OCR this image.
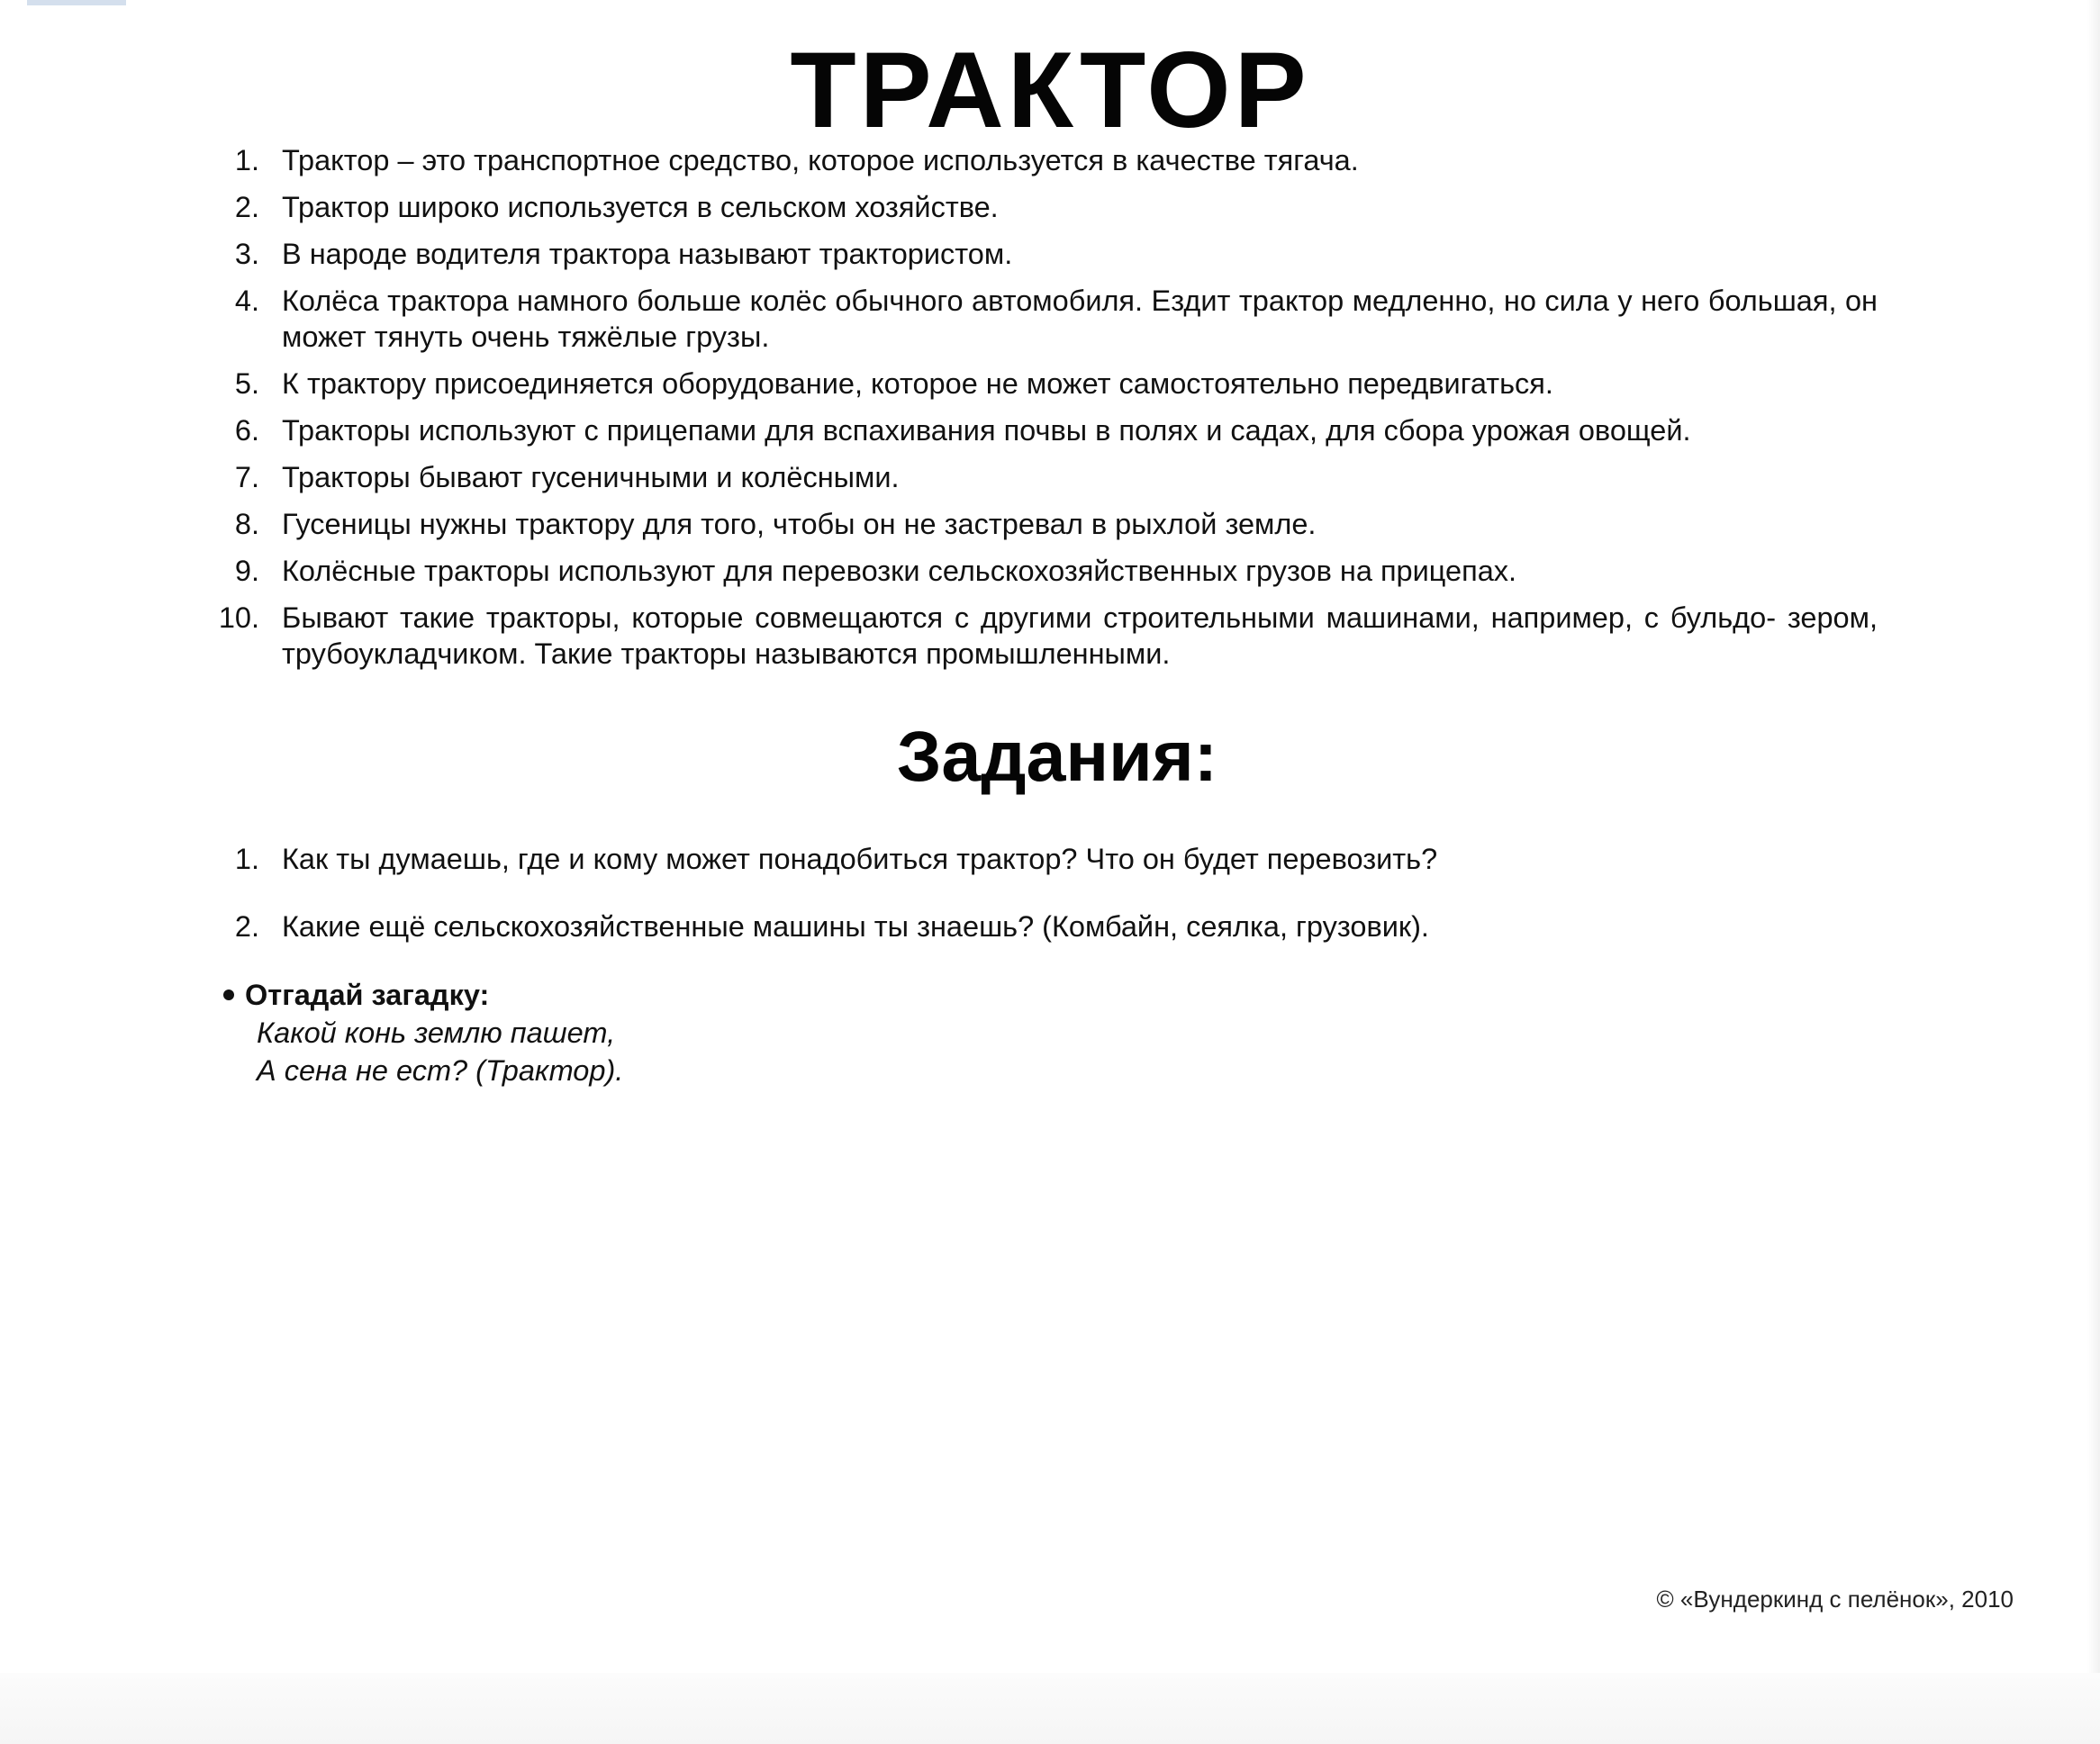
ТРАКТОР
1. Трактор – это транспортное средство, которое используется в качестве тягача.
2. Трактор широко используется в сельском хозяйстве.
3. В народе водителя трактора называют трактористом.
4. Колёса трактора намного больше колёс обычного автомобиля. Ездит трактор медленно, но сила у него большая, он может тянуть очень тяжёлые грузы.
5. К трактору присоединяется оборудование, которое не может самостоятельно передвигаться.
6. Тракторы используют с прицепами для вспахивания почвы в полях и садах, для сбора урожая овощей.
7. Тракторы бывают гусеничными и колёсными.
8. Гусеницы нужны трактору для того, чтобы он не застревал в рыхлой земле.
9. Колёсные тракторы используют для перевозки сельскохозяйственных грузов на прицепах.
10. Бывают такие тракторы, которые совмещаются с другими строительными машинами, например, с бульдо- зером, трубоукладчиком. Такие тракторы называются промышленными.
Задания:
1. Как ты думаешь, где и кому может понадобиться трактор? Что он будет перевозить?
2. Какие ещё сельскохозяйственные машины ты знаешь? (Комбайн, сеялка, грузовик).
Отгадай загадку:
Какой конь землю пашет,
А сена не ест? (Трактор).
© «Вундеркинд с пелёнок», 2010
